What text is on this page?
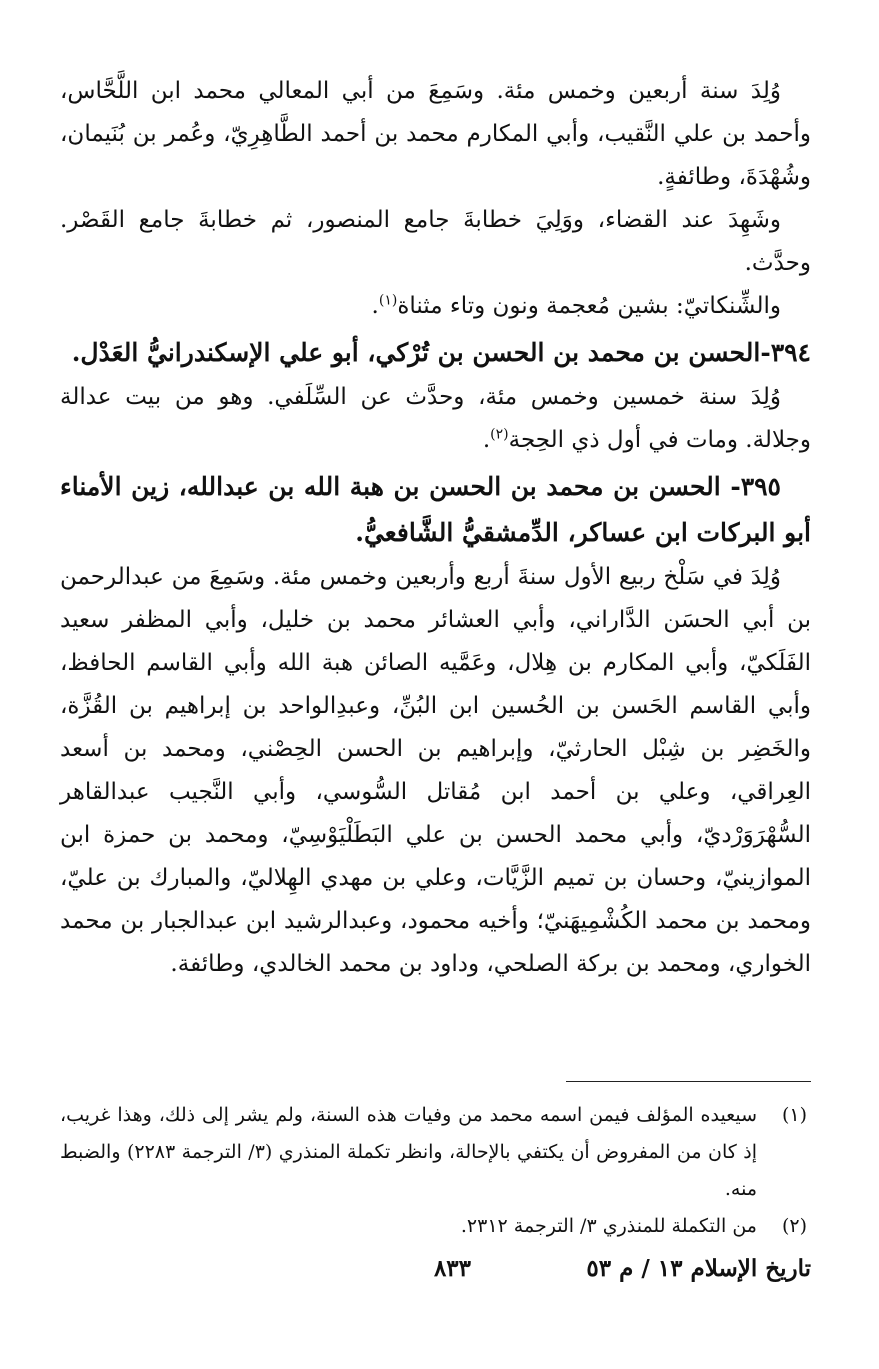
وُلِدَ سنة أربعين وخمس مئة. وسَمِعَ من أبي المعالي محمد ابن اللَّحَّاس، وأحمد بن علي النَّقيب، وأبي المكارم محمد بن أحمد الطَّاهِرِيّ، وعُمر بن بُنَيمان، وشُهْدَةَ، وطائفةٍ.

وشَهِدَ عند القضاء، ووَلِيَ خطابةَ جامع المنصور، ثم خطابةَ جامع القَصْر. وحدَّث.

والشِّنكاتيّ: بشين مُعجمة ونون وتاء مثناة$^{(١)}$.

٣٩٤-الحسن بن محمد بن الحسن بن تُرْكي، أبو علي الإسكندرانيُّ العَدْل.

وُلِدَ سنة خمسين وخمس مئة، وحدَّث عن السِّلَفي. وهو من بيت عدالة وجلالة. ومات في أول ذي الحِجة$^{(٢)}$.

٣٩٥- الحسن بن محمد بن الحسن بن هبة الله بن عبدالله، زين الأمناء أبو البركات ابن عساكر، الدِّمشقيُّ الشَّافعيُّ.

وُلِدَ في سَلْخ ربيع الأول سنةَ أربع وأربعين وخمس مئة. وسَمِعَ من عبدالرحمن بن أبي الحسَن الدَّاراني، وأبي العشائر محمد بن خليل، وأبي المظفر سعيد الفَلَكيّ، وأبي المكارم بن هِلال، وعَمَّيه الصائن هبة الله وأبي القاسم الحافظ، وأبي القاسم الحَسن بن الحُسين ابن البُنِّ، وعبدِالواحد بن إبراهيم بن القُزَّة، والخَضِر بن شِبْل الحارثيّ، وإبراهيم بن الحسن الحِصْني، ومحمد بن أسعد العِراقي، وعلي بن أحمد ابن مُقاتل السُّوسي، وأبي النَّجيب عبدالقاهر السُّهْرَوَرْديّ، وأبي محمد الحسن بن علي البَطَلْيَوْسِيّ، ومحمد بن حمزة ابن الموازينيّ، وحسان بن تميم الزَّيَّات، وعلي بن مهدي الهِلاليّ، والمبارك بن عليّ، ومحمد بن محمد الكُشْمِيهَنيّ؛ وأخيه محمود، وعبدالرشيد ابن عبدالجبار بن محمد الخواري، ومحمد بن بركة الصلحي، وداود بن محمد الخالدي، وطائفة.

(١)
سيعيده المؤلف فيمن اسمه محمد من وفيات هذه السنة، ولم يشر إلى ذلك، وهذا غريب، إذ كان من المفروض أن يكتفي بالإحالة، وانظر تكملة المنذري (٣/ الترجمة ٢٢٨٣) والضبط منه.
(٢)
من التكملة للمنذري ٣/ الترجمة ٢٣١٢.
تاريخ الإسلام ١٣ / م ٥٣
٨٣٣
